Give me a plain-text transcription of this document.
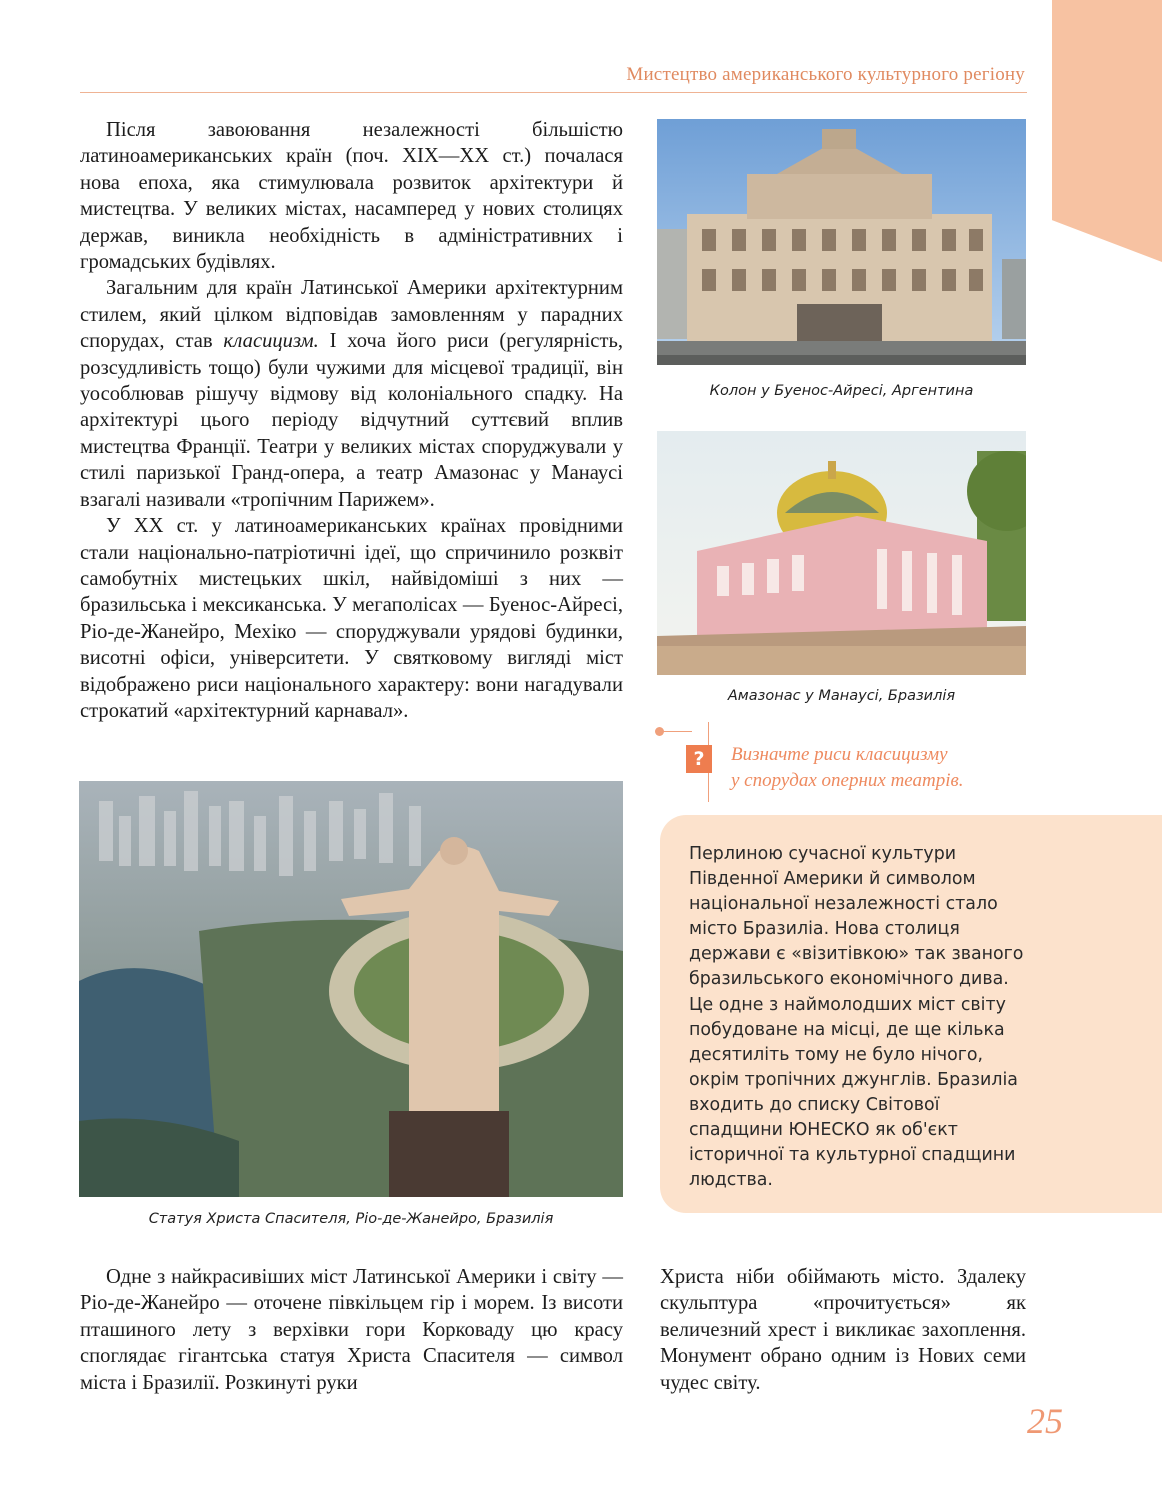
Мистецтво американського культурного регіону

Після завоювання незалежності більшістю латиноамериканських країн (поч. XIX—XX ст.) почалася нова епоха, яка стимулювала розвиток архітектури й мистецтва. У великих містах, насамперед у нових столицях держав, виникла необхідність в адміністративних і громадських будівлях.

Загальним для країн Латинської Америки архітектурним стилем, який цілком відповідав замовленням у парадних спорудах, став класицизм. І хоча його риси (регулярність, розсудливість тощо) були чужими для місцевої традиції, він уособлював рішучу відмову від колоніального спадку. На архітектурі цього періоду відчутний суттєвий вплив мистецтва Франції. Театри у великих містах споруджували у стилі паризької Гранд-опера, а театр Амазонас у Манаусі взагалі називали «тропічним Парижем».

У XX ст. у латиноамериканських країнах провідними стали національно-патріотичні ідеї, що спричинило розквіт самобутніх мистецьких шкіл, найвідоміші з них — бразильська і мексиканська. У мегаполісах — Буенос-Айресі, Ріо-де-Жанейро, Мехіко — споруджували урядові будинки, висотні офіси, університети. У святковому вигляді міст відображено риси національного характеру: вони нагадували строкатий «архітектурний карнавал».

Колон у Буенос-Айресі, Аргентина
Амазонас у Манаусі, Бразилія
?	Визначте риси класицизму
у спорудах оперних театрів.
Статуя Христа Спасителя, Ріо-де-Жанейро, Бразилія
Перлиною сучасної культури Південної Америки й символом національної незалежності стало місто Бразиліа. Нова столиця держави є «візитівкою» так званого бразильського економічного дива. Це одне з наймолодших міст світу побудоване на місці, де ще кілька десятиліть тому не було нічого, окрім тропічних джунглів. Бразиліа входить до списку Світової спадщини ЮНЕСКО як об'єкт історичної та культурної спадщини людства.

Одне з найкрасивіших міст Латинської Америки і світу — Ріо-де-Жанейро — оточене півкільцем гір і морем. Із висоти пташиного лету з верхівки гори Корковаду цю красу споглядає гігантська статуя Христа Спасителя — символ міста і Бразилії. Розкинуті руки

Христа ніби обіймають місто. Здалеку скульптура «прочитується» як величезний хрест і викликає захоплення. Монумент обрано одним із Нових семи чудес світу.

25
